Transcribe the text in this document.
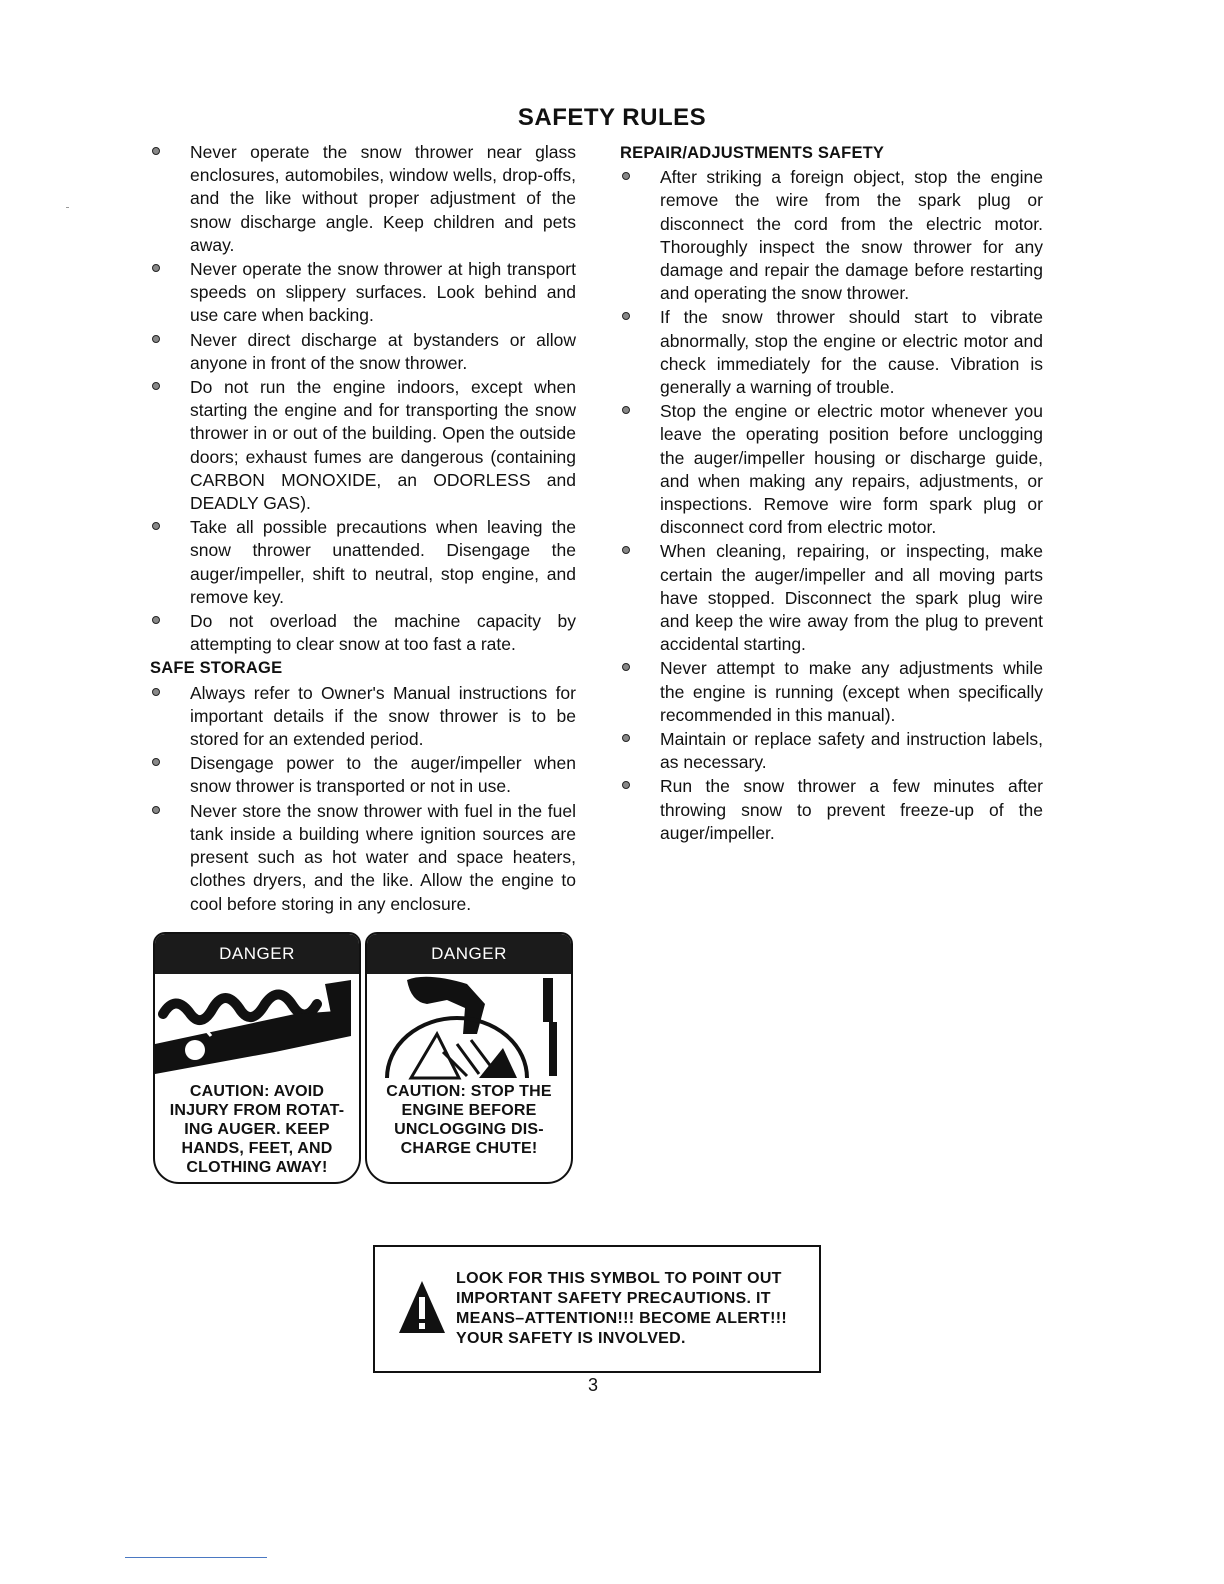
SAFETY RULES
Never operate the snow thrower near glass enclosures, automobiles, window wells, drop-offs, and the like without proper adjustment of the snow discharge angle. Keep children and pets away.
Never operate the snow thrower at high transport speeds on slippery surfaces. Look behind and use care when backing.
Never direct discharge at bystanders or allow anyone in front of the snow thrower.
Do not run the engine indoors, except when starting the engine and for transporting the snow thrower in or out of the building. Open the outside doors; exhaust fumes are dangerous (containing CARBON MONOXIDE, an ODORLESS and DEADLY GAS).
Take all possible precautions when leaving the snow thrower unattended. Disengage the auger/impeller, shift to neutral, stop engine, and remove key.
Do not overload the machine capacity by attempting to clear snow at too fast a rate.
SAFE STORAGE
Always refer to Owner's Manual instructions for important details if the snow thrower is to be stored for an extended period.
Disengage power to the auger/impeller when snow thrower is transported or not in use.
Never store the snow thrower with fuel in the fuel tank inside a building where ignition sources are present such as hot water and space heaters, clothes dryers, and the like. Allow the engine to cool before storing in any enclosure.
REPAIR/ADJUSTMENTS SAFETY
After striking a foreign object, stop the engine remove the wire from the spark plug or disconnect the cord from the electric motor. Thoroughly inspect the snow thrower for any damage and repair the damage before restarting and operating the snow thrower.
If the snow thrower should start to vibrate abnormally, stop the engine or electric motor and check immediately for the cause. Vibration is generally a warning of trouble.
Stop the engine or electric motor whenever you leave the operating position before unclogging the auger/impeller housing or discharge guide, and when making any repairs, adjustments, or inspections. Remove wire form spark plug or disconnect cord from electric motor.
When cleaning, repairing, or inspecting, make certain the auger/impeller and all moving parts have stopped. Disconnect the spark plug wire and keep the wire away from the plug to prevent accidental starting.
Never attempt to make any adjustments while the engine is running (except when specifically recommended in this manual).
Maintain or replace safety and instruction labels, as necessary.
Run the snow thrower a few minutes after throwing snow to prevent freeze-up of the auger/impeller.
DANGER
CAUTION: AVOID
INJURY FROM ROTAT-
ING AUGER. KEEP
HANDS, FEET, AND
CLOTHING AWAY!
DANGER
CAUTION: STOP THE
ENGINE BEFORE
UNCLOGGING DIS-
CHARGE CHUTE!
LOOK FOR THIS SYMBOL TO POINT OUT
IMPORTANT SAFETY PRECAUTIONS. IT
MEANS–ATTENTION!!! BECOME ALERT!!!
YOUR SAFETY IS INVOLVED.
3
